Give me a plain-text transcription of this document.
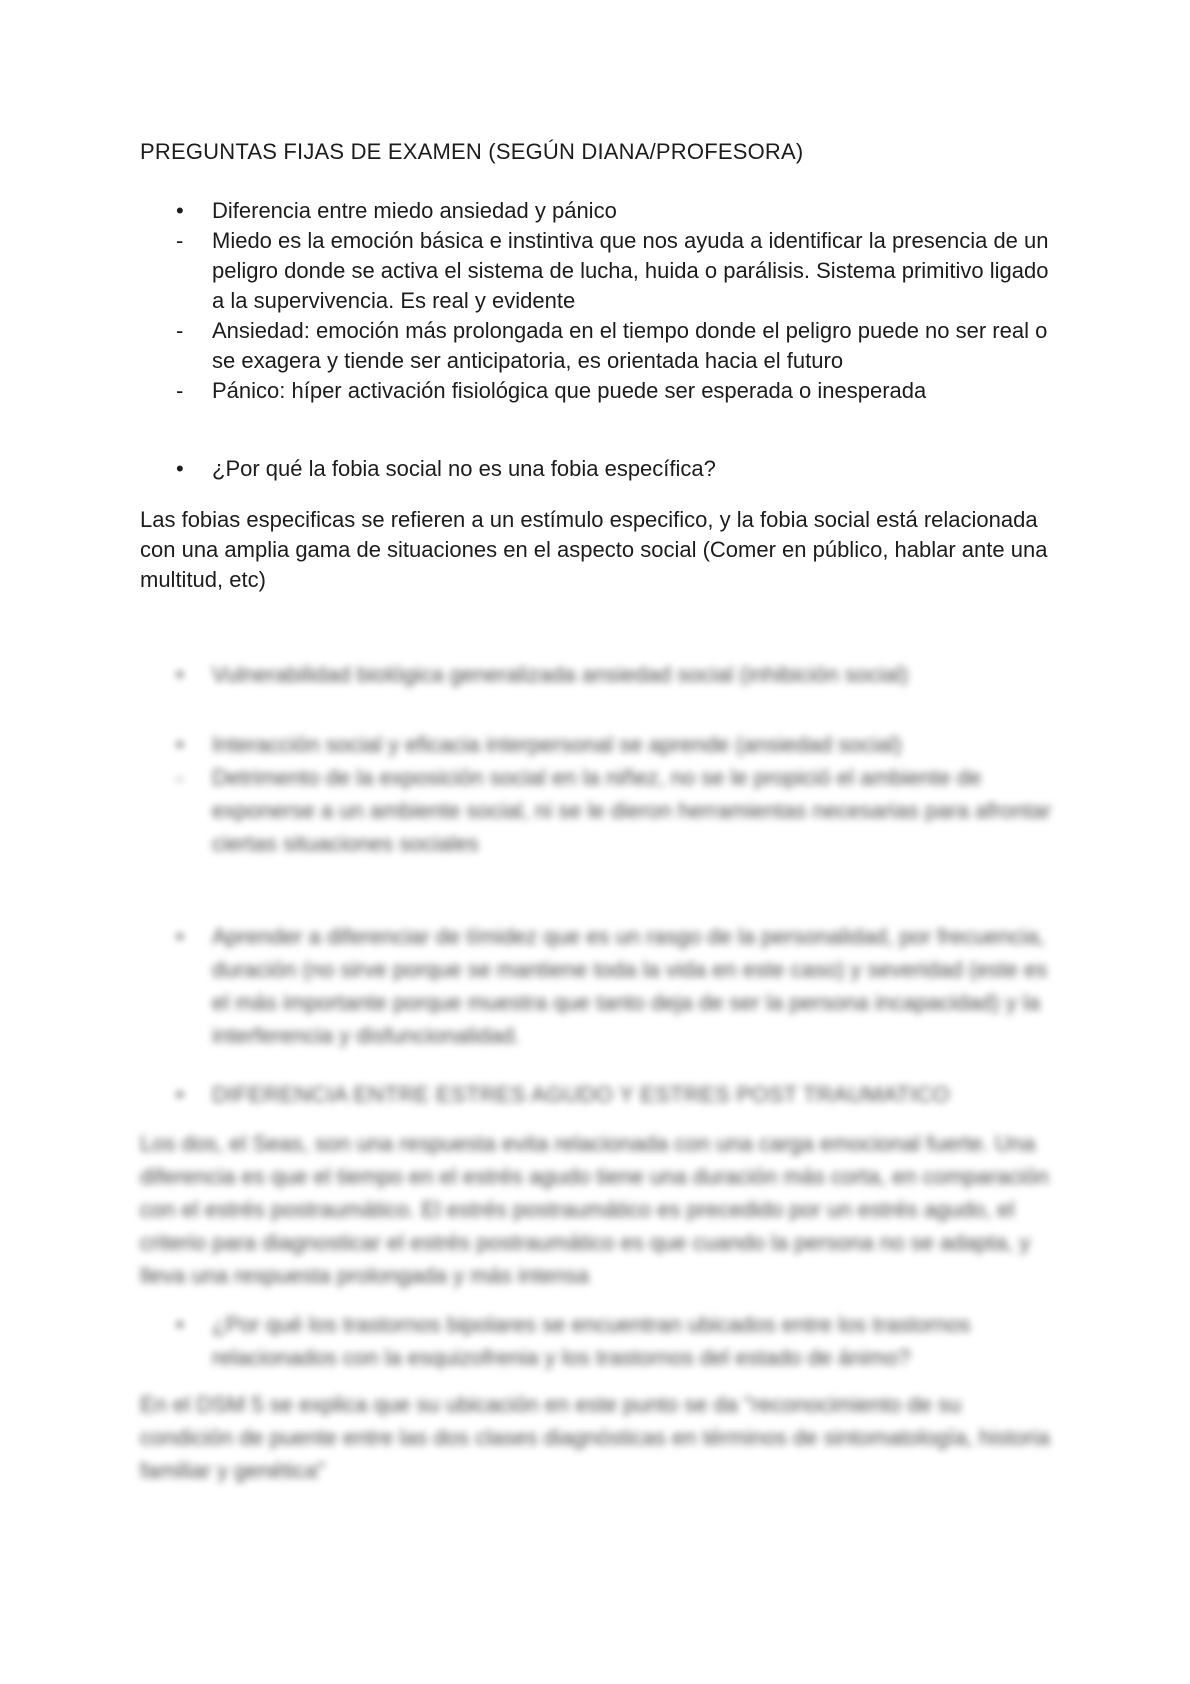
PREGUNTAS FIJAS DE EXAMEN (SEGÚN DIANA/PROFESORA)
•	Diferencia entre miedo ansiedad y pánico
-	Miedo es la emoción básica e instintiva que nos ayuda a identificar la presencia de un peligro donde se activa el sistema de lucha, huida o parálisis. Sistema primitivo ligado a la supervivencia. Es real y evidente
-	Ansiedad: emoción más prolongada en el tiempo donde el peligro puede no ser real o se exagera y tiende ser anticipatoria, es orientada hacia el futuro
-	Pánico: híper activación fisiológica que puede ser esperada o inesperada
•	¿Por qué la fobia social no es una fobia específica?
Las fobias especificas se refieren a un estímulo especifico, y la fobia social está relacionada con una amplia gama de situaciones en el aspecto social (Comer en público, hablar ante una multitud, etc)
•	Vulnerabilidad biológica generalizada ansiedad social (inhibición social)
•	Interacción social y eficacia interpersonal se aprende (ansiedad social)
-	Detrimento de la exposición social en la niñez, no se le propició el ambiente de exponerse a un ambiente social, ni se le dieron herramientas necesarias para afrontar ciertas situaciones sociales
•	Aprender a diferenciar de tímidez que es un rasgo de la personalidad, por frecuencia, duración (no sirve porque se mantiene toda la vida en este caso) y severidad (este es el más importante porque muestra que tanto deja de ser la persona incapacidad) y la interferencia y disfuncionalidad.
•	DIFERENCIA ENTRE ESTRES AGUDO Y ESTRES POST TRAUMATICO
Los dos, el Seas, son una respuesta evita relacionada con una carga emocional fuerte. Una diferencia es que el tiempo en el estrés agudo tiene una duración más corta, en comparación con el estrés postraumático. El estrés postraumático es precedido por un estrés agudo, el criterio para diagnosticar el estrés postraumático es que cuando la persona no se adapta, y lleva una respuesta prolongada y más intensa
•	¿Por qué los trastornos bipolares se encuentran ubicados entre los trastornos relacionados con la esquizofrenia y los trastornos del estado de ánimo?
En el DSM 5 se explica que su ubicación en este punto se da "reconocimiento de su condición de puente entre las dos clases diagnósticas en términos de sintomatología, historia familiar y genética"
